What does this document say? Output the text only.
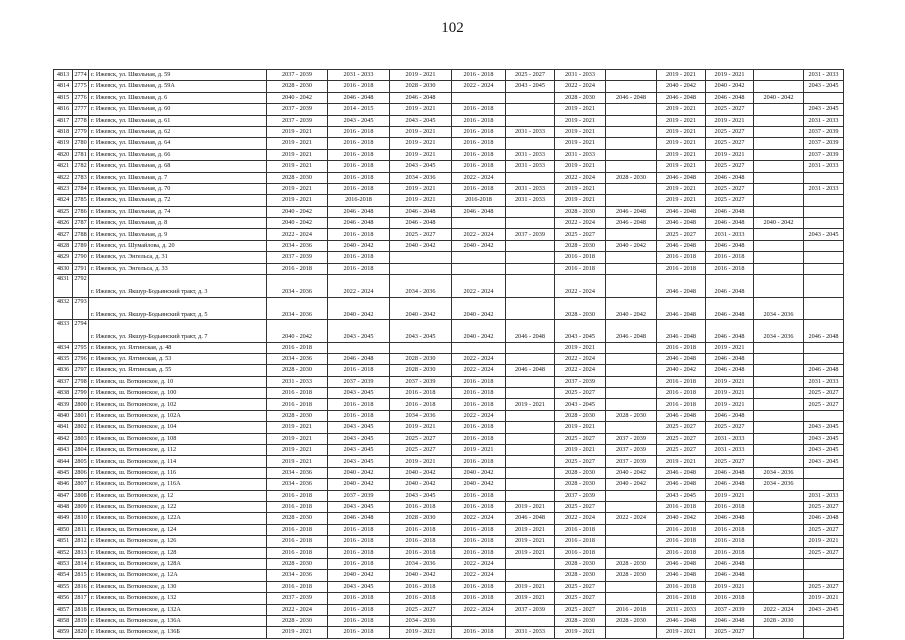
102
4813	2774	г. Ижевск, ул. Школьная, д. 59	2037 - 2039	2031 - 2033	2019 - 2021	2016 - 2018	2025 - 2027	2031 - 2033		2019 - 2021	2019 - 2021		2031 - 2033
4814	2775	г. Ижевск, ул. Школьная, д. 59А	2028 - 2030	2016 - 2018	2028 - 2030	2022 - 2024	2043 - 2045	2022 - 2024		2040 - 2042	2040 - 2042		2043 - 2045
4815	2776	г. Ижевск, ул. Школьная, д. 6	2040 - 2042	2046 - 2048	2046 - 2048			2028 - 2030	2046 - 2048	2046 - 2048	2046 - 2048	2040 - 2042	
4816	2777	г. Ижевск, ул. Школьная, д. 60	2037 - 2039	2014 - 2015	2019 - 2021	2016 - 2018		2019 - 2021		2019 - 2021	2025 - 2027		2043 - 2045
4817	2778	г. Ижевск, ул. Школьная, д. 61	2037 - 2039	2043 - 2045	2043 - 2045	2016 - 2018		2019 - 2021		2019 - 2021	2019 - 2021		2031 - 2033
4818	2779	г. Ижевск, ул. Школьная, д. 62	2019 - 2021	2016 - 2018	2019 - 2021	2016 - 2018	2031 - 2033	2019 - 2021		2019 - 2021	2025 - 2027		2037 - 2039
4819	2780	г. Ижевск, ул. Школьная, д. 64	2019 - 2021	2016 - 2018	2019 - 2021	2016 - 2018		2019 - 2021		2019 - 2021	2025 - 2027		2037 - 2039
4820	2781	г. Ижевск, ул. Школьная, д. 66	2019 - 2021	2016 - 2018	2019 - 2021	2016 - 2018	2031 - 2033	2031 - 2033		2019 - 2021	2019 - 2021		2037 - 2039
4821	2782	г. Ижевск, ул. Школьная, д. 68	2019 - 2021	2016 - 2018	2043 - 2045	2016 - 2018	2031 - 2033	2019 - 2021		2019 - 2021	2025 - 2027		2031 - 2033
4822	2783	г. Ижевск, ул. Школьная, д. 7	2028 - 2030	2016 - 2018	2034 - 2036	2022 - 2024		2022 - 2024	2028 - 2030	2046 - 2048	2046 - 2048		
4823	2784	г. Ижевск, ул. Школьная, д. 70	2019 - 2021	2016 - 2018	2019 - 2021	2016 - 2018	2031 - 2033	2019 - 2021		2019 - 2021	2025 - 2027		2031 - 2033
4824	2785	г. Ижевск, ул. Школьная, д. 72	2019 - 2021	2016-2018	2019 - 2021	2016-2018	2031 - 2033	2019 - 2021		2019 - 2021	2025 - 2027		
4825	2786	г. Ижевск, ул. Школьная, д. 74	2040 - 2042	2046 - 2048	2046 - 2048	2046 - 2048		2028 - 2030	2046 - 2048	2046 - 2048	2046 - 2048		
4826	2787	г. Ижевск, ул. Школьная, д. 8	2040 - 2042	2046 - 2048	2046 - 2048			2022 - 2024	2046 - 2048	2046 - 2048	2046 - 2048	2040 - 2042	
4827	2788	г. Ижевск, ул. Школьная, д. 9	2022 - 2024	2016 - 2018	2025 - 2027	2022 - 2024	2037 - 2039	2025 - 2027		2025 - 2027	2031 - 2033		2043 - 2045
4828	2789	г. Ижевск, ул. Шумайлова, д. 20	2034 - 2036	2040 - 2042	2040 - 2042	2040 - 2042		2028 - 2030	2040 - 2042	2046 - 2048	2046 - 2048		
4829	2790	г. Ижевск, ул. Энгельса, д. 31	2037 - 2039	2016 - 2018				2016 - 2018		2016 - 2018	2016 - 2018		
4830	2791	г. Ижевск, ул. Энгельса, д. 33	2016 - 2018	2016 - 2018				2016 - 2018		2016 - 2018	2016 - 2018		
4831	2792	г. Ижевск, ул. Якшур-Бодьинский тракт, д. 3	2034 - 2036	2022 - 2024	2034 - 2036	2022 - 2024		2022 - 2024		2046 - 2048	2046 - 2048		
4832	2793	г. Ижевск, ул. Якшур-Бодьинский тракт, д. 5	2034 - 2036	2040 - 2042	2040 - 2042	2040 - 2042		2028 - 2030	2040 - 2042	2046 - 2048	2046 - 2048	2034 - 2036	
4833	2794	г. Ижевск, ул. Якшур-Бодьинский тракт, д. 7	2040 - 2042	2043 - 2045	2043 - 2045	2040 - 2042	2046 - 2048	2043 - 2045	2046 - 2048	2046 - 2048	2046 - 2048	2034 - 2036	2046 - 2048
4834	2795	г. Ижевск, ул. Ялтинская, д. 48	2016 - 2018					2019 - 2021		2016 - 2018	2019 - 2021		
4835	2796	г. Ижевск, ул. Ялтинская, д. 53	2034 - 2036	2046 - 2048	2028 - 2030	2022 - 2024		2022 - 2024		2046 - 2048	2046 - 2048		
4836	2797	г. Ижевск, ул. Ялтинская, д. 55	2028 - 2030	2016 - 2018	2028 - 2030	2022 - 2024	2046 - 2048	2022 - 2024		2040 - 2042	2046 - 2048		2046 - 2048
4837	2798	г. Ижевск, ш. Воткинское, д. 10	2031 - 2033	2037 - 2039	2037 - 2039	2016 - 2018		2037 - 2039		2016 - 2018	2019 - 2021		2031 - 2033
4838	2799	г. Ижевск, ш. Воткинское, д. 100	2016 - 2018	2043 - 2045	2016 - 2018	2016 - 2018		2025 - 2027		2016 - 2018	2019 - 2021		2025 - 2027
4839	2800	г. Ижевск, ш. Воткинское, д. 102	2016 - 2018	2016 - 2018	2016 - 2018	2016 - 2018	2019 - 2021	2043 - 2045		2016 - 2018	2019 - 2021		2025 - 2027
4840	2801	г. Ижевск, ш. Воткинское, д. 102А	2028 - 2030	2016 - 2018	2034 - 2036	2022 - 2024		2028 - 2030	2028 - 2030	2046 - 2048	2046 - 2048		
4841	2802	г. Ижевск, ш. Воткинское, д. 104	2019 - 2021	2043 - 2045	2019 - 2021	2016 - 2018		2019 - 2021		2025 - 2027	2025 - 2027		2043 - 2045
4842	2803	г. Ижевск, ш. Воткинское, д. 108	2019 - 2021	2043 - 2045	2025 - 2027	2016 - 2018		2025 - 2027	2037 - 2039	2025 - 2027	2031 - 2033		2043 - 2045
4843	2804	г. Ижевск, ш. Воткинское, д. 112	2019 - 2021	2043 - 2045	2025 - 2027	2019 - 2021		2019 - 2021	2037 - 2039	2025 - 2027	2031 - 2033		2043 - 2045
4844	2805	г. Ижевск, ш. Воткинское, д. 114	2019 - 2021	2043 - 2045	2019 - 2021	2016 - 2018		2025 - 2027	2037 - 2039	2019 - 2021	2025 - 2027		2043 - 2045
4845	2806	г. Ижевск, ш. Воткинское, д. 116	2034 - 2036	2040 - 2042	2040 - 2042	2040 - 2042		2028 - 2030	2040 - 2042	2046 - 2048	2046 - 2048	2034 - 2036	
4846	2807	г. Ижевск, ш. Воткинское, д. 116А	2034 - 2036	2040 - 2042	2040 - 2042	2040 - 2042		2028 - 2030	2040 - 2042	2046 - 2048	2046 - 2048	2034 - 2036	
4847	2808	г. Ижевск, ш. Воткинское, д. 12	2016 - 2018	2037 - 2039	2043 - 2045	2016 - 2018		2037 - 2039		2043 - 2045	2019 - 2021		2031 - 2033
4848	2809	г. Ижевск, ш. Воткинское, д. 122	2016 - 2018	2043 - 2045	2016 - 2018	2016 - 2018	2019 - 2021	2025 - 2027		2016 - 2018	2016 - 2018		2025 - 2027
4849	2810	г. Ижевск, ш. Воткинское, д. 122А	2028 - 2030	2046 - 2048	2028 - 2030	2022 - 2024	2046 - 2048	2022 - 2024	2022 - 2024	2040 - 2042	2046 - 2048		2046 - 2048
4850	2811	г. Ижевск, ш. Воткинское, д. 124	2016 - 2018	2016 - 2018	2016 - 2018	2016 - 2018	2019 - 2021	2016 - 2018		2016 - 2018	2016 - 2018		2025 - 2027
4851	2812	г. Ижевск, ш. Воткинское, д. 126	2016 - 2018	2016 - 2018	2016 - 2018	2016 - 2018	2019 - 2021	2016 - 2018		2016 - 2018	2016 - 2018		2019 - 2021
4852	2813	г. Ижевск, ш. Воткинское, д. 128	2016 - 2018	2016 - 2018	2016 - 2018	2016 - 2018	2019 - 2021	2016 - 2018		2016 - 2018	2016 - 2018		2025 - 2027
4853	2814	г. Ижевск, ш. Воткинское, д. 128А	2028 - 2030	2016 - 2018	2034 - 2036	2022 - 2024		2028 - 2030	2028 - 2030	2046 - 2048	2046 - 2048		
4854	2815	г. Ижевск, ш. Воткинское, д. 12А	2034 - 2036	2040 - 2042	2040 - 2042	2022 - 2024		2028 - 2030	2028 - 2030	2046 - 2048	2046 - 2048		
4855	2816	г. Ижевск, ш. Воткинское, д. 130	2016 - 2018	2043 - 2045	2016 - 2018	2016 - 2018	2019 - 2021	2025 - 2027		2016 - 2018	2019 - 2021		2025 - 2027
4856	2817	г. Ижевск, ш. Воткинское, д. 132	2037 - 2039	2016 - 2018	2016 - 2018	2016 - 2018	2019 - 2021	2025 - 2027		2016 - 2018	2016 - 2018		2019 - 2021
4857	2818	г. Ижевск, ш. Воткинское, д. 132А	2022 - 2024	2016 - 2018	2025 - 2027	2022 - 2024	2037 - 2039	2025 - 2027	2016 - 2018	2031 - 2033	2037 - 2039	2022 - 2024	2043 - 2045
4858	2819	г. Ижевск, ш. Воткинское, д. 136А	2028 - 2030	2016 - 2018	2034 - 2036			2028 - 2030	2028 - 2030	2046 - 2048	2046 - 2048	2028 - 2030	
4859	2820	г. Ижевск, ш. Воткинское, д. 136Б	2019 - 2021	2016 - 2018	2019 - 2021	2016 - 2018	2031 - 2033	2019 - 2021		2019 - 2021	2025 - 2027		
